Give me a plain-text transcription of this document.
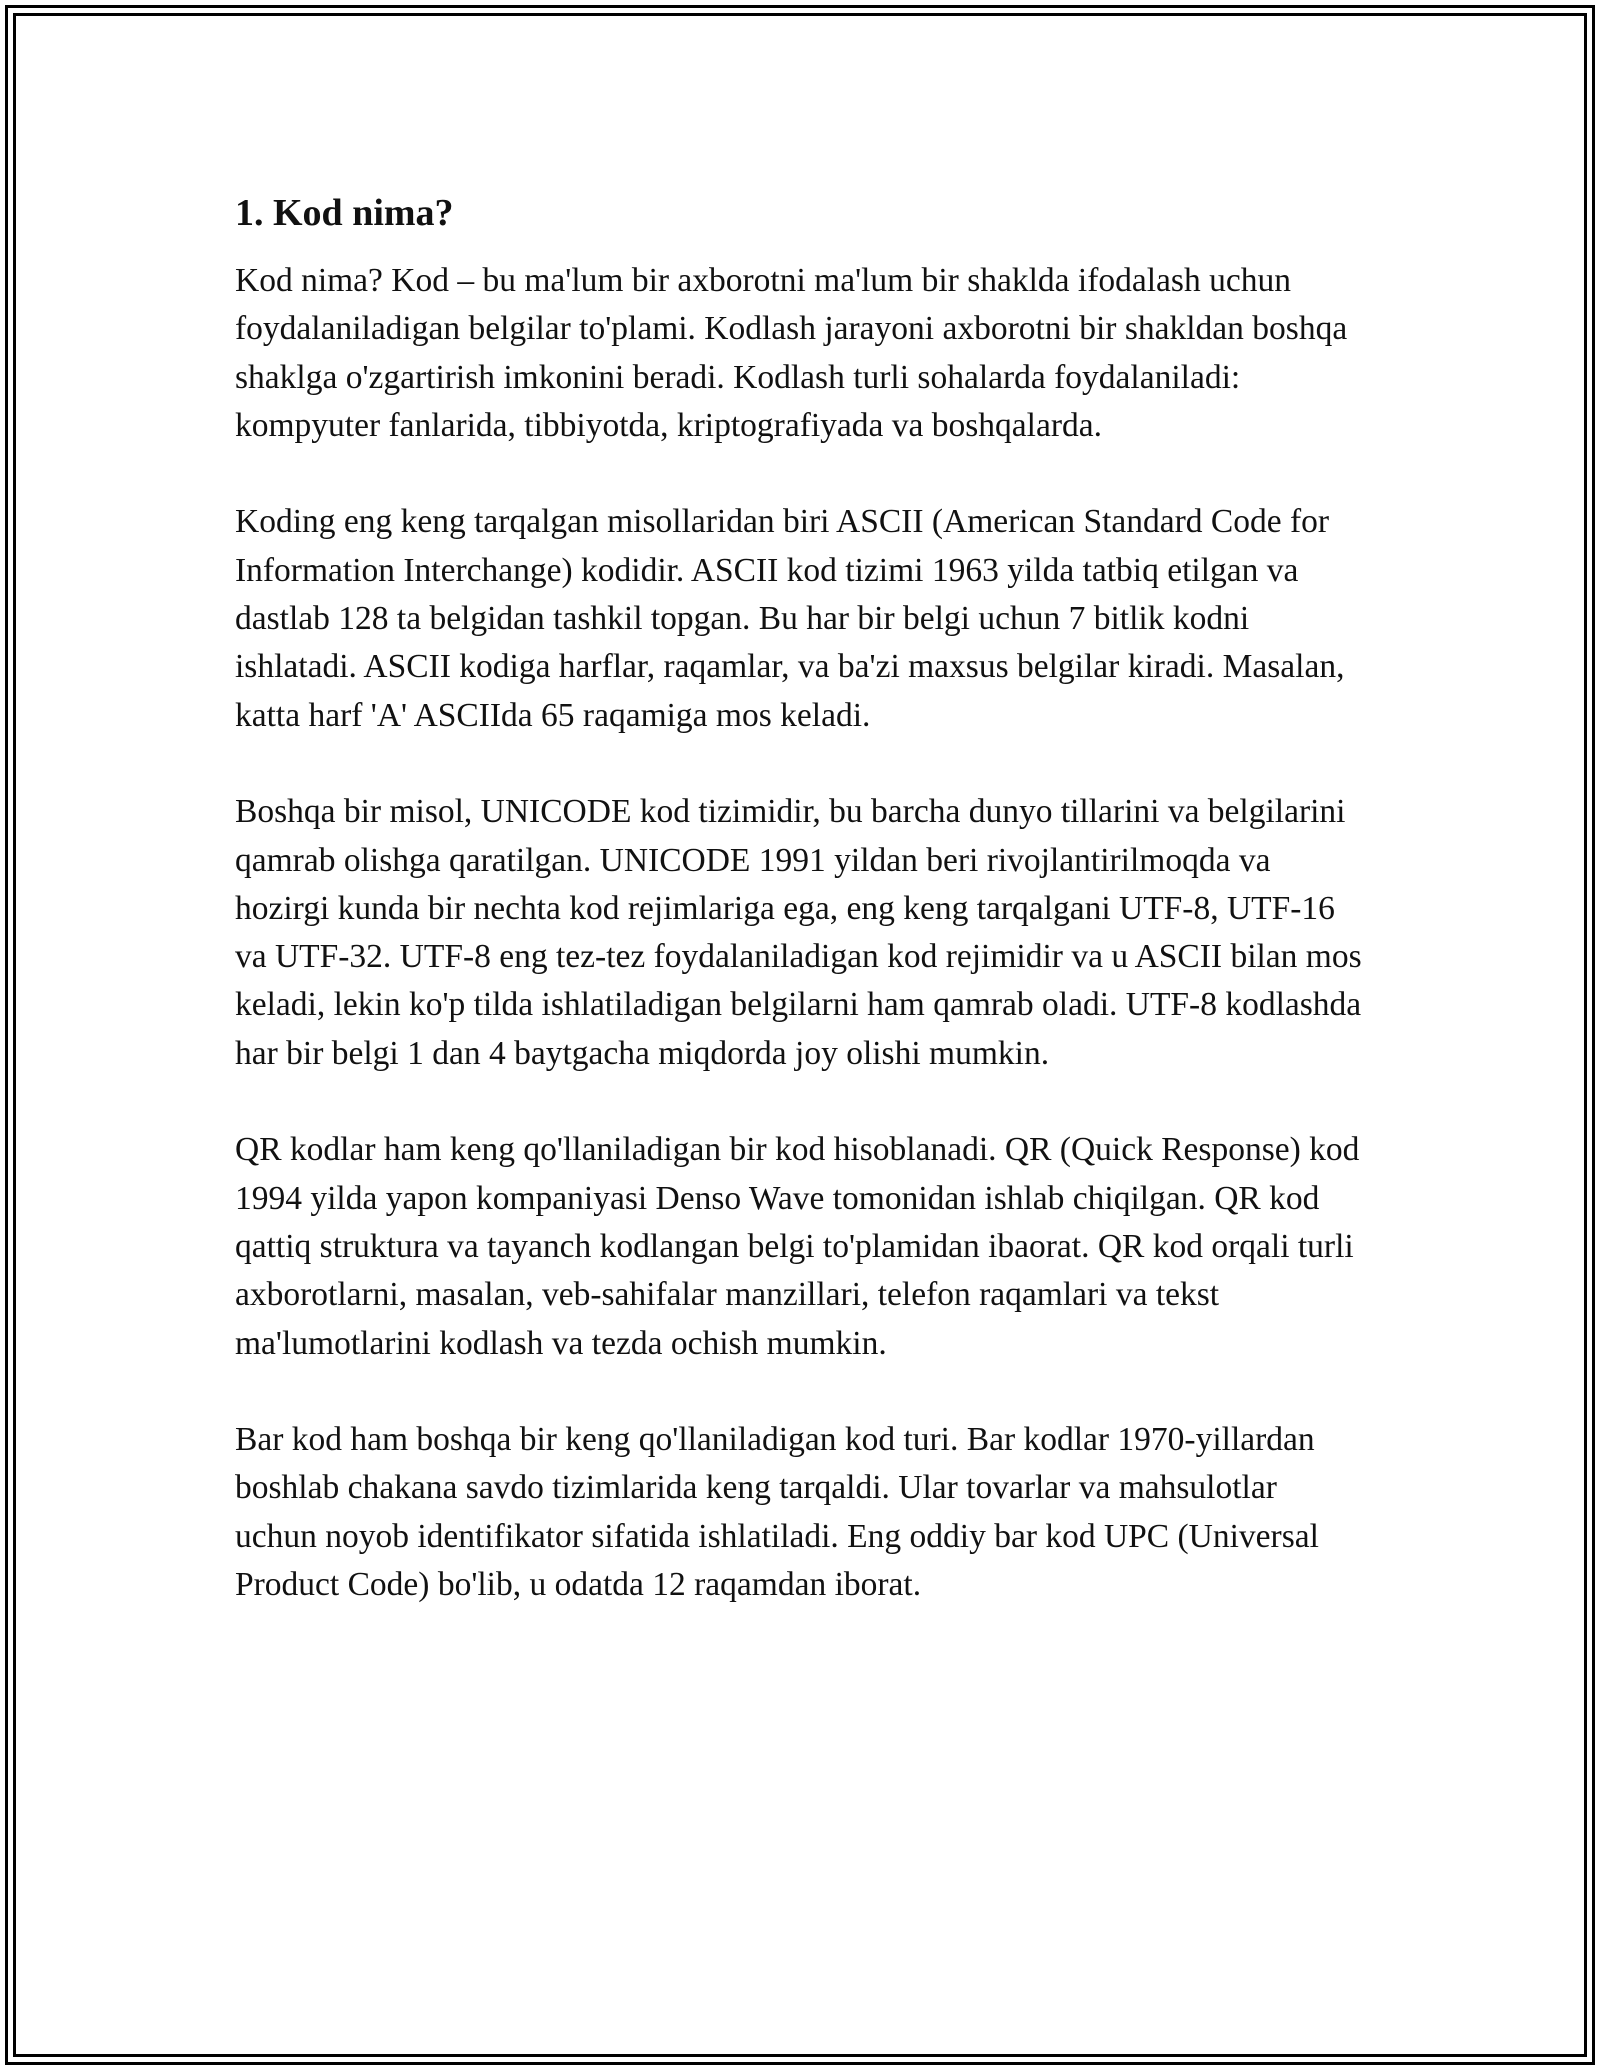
1. Kod nima?

Kod nima? Kod – bu ma'lum bir axborotni ma'lum bir shaklda ifodalash uchun foydalaniladigan belgilar to'plami. Kodlash jarayoni axborotni bir shakldan boshqa shaklga o'zgartirish imkonini beradi. Kodlash turli sohalarda foydalaniladi: kompyuter fanlarida, tibbiyotda, kriptografiyada va boshqalarda.

Koding eng keng tarqalgan misollaridan biri ASCII (American Standard Code for Information Interchange) kodidir. ASCII kod tizimi 1963 yilda tatbiq etilgan va dastlab 128 ta belgidan tashkil topgan. Bu har bir belgi uchun 7 bitlik kodni ishlatadi. ASCII kodiga harflar, raqamlar, va ba'zi maxsus belgilar kiradi. Masalan, katta harf 'A' ASCIIda 65 raqamiga mos keladi.

Boshqa bir misol, UNICODE kod tizimidir, bu barcha dunyo tillarini va belgilarini qamrab olishga qaratilgan. UNICODE 1991 yildan beri rivojlantirilmoqda va hozirgi kunda bir nechta kod rejimlariga ega, eng keng tarqalgani UTF-8, UTF-16 va UTF-32. UTF-8 eng tez-tez foydalaniladigan kod rejimidir va u ASCII bilan mos keladi, lekin ko'p tilda ishlatiladigan belgilarni ham qamrab oladi. UTF-8 kodlashda har bir belgi 1 dan 4 baytgacha miqdorda joy olishi mumkin.

QR kodlar ham keng qo'llaniladigan bir kod hisoblanadi. QR (Quick Response) kod 1994 yilda yapon kompaniyasi Denso Wave tomonidan ishlab chiqilgan. QR kod qattiq struktura va tayanch kodlangan belgi to'plamidan ibaorat. QR kod orqali turli axborotlarni, masalan, veb-sahifalar manzillari, telefon raqamlari va tekst ma'lumotlarini kodlash va tezda ochish mumkin.

Bar kod ham boshqa bir keng qo'llaniladigan kod turi. Bar kodlar 1970-yillardan boshlab chakana savdo tizimlarida keng tarqaldi. Ular tovarlar va mahsulotlar uchun noyob identifikator sifatida ishlatiladi. Eng oddiy bar kod UPC (Universal Product Code) bo'lib, u odatda 12 raqamdan iborat.
